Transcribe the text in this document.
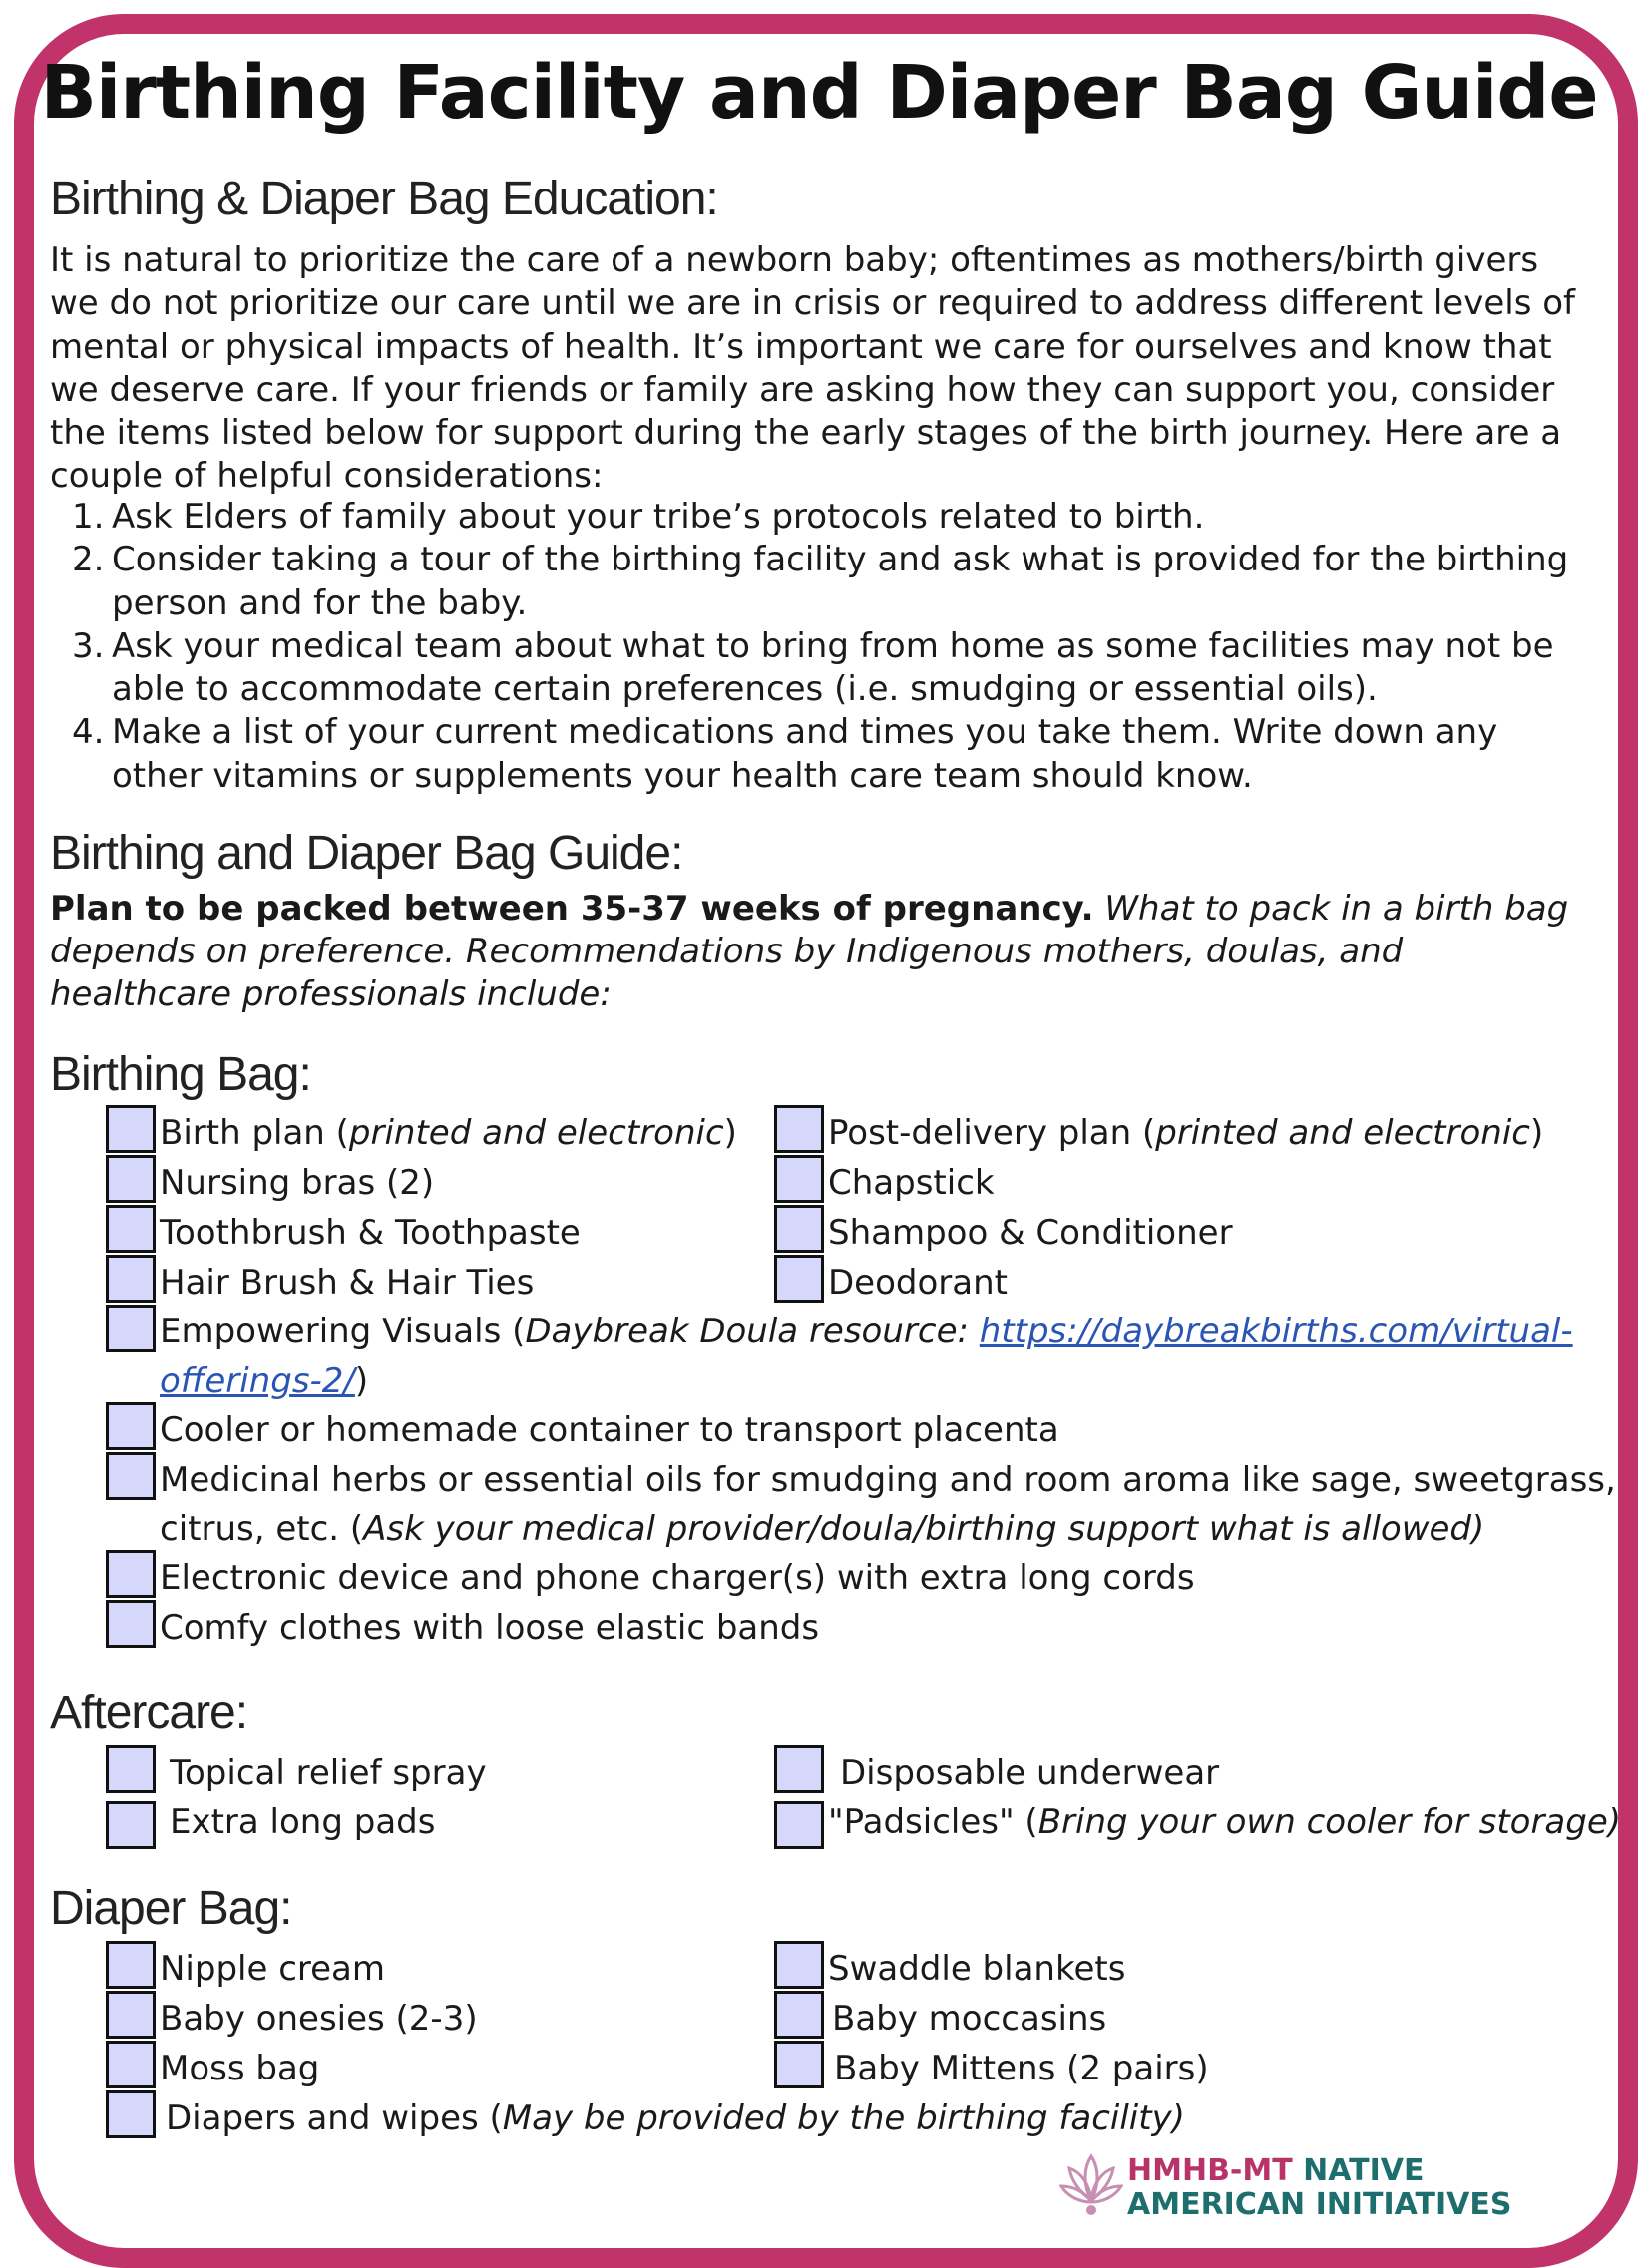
Birthing Facility and Diaper Bag Guide
Birthing & Diaper Bag Education:
It is natural to prioritize the care of a newborn baby; oftentimes as mothers/birth givers we do not prioritize our care until we are in crisis or required to address different levels of mental or physical impacts of health. It’s important we care for ourselves and know that we deserve care. If your friends or family are asking how they can support you, consider the items listed below for support during the early stages of the birth journey. Here are a couple of helpful considerations:
1. Ask Elders of family about your tribe’s protocols related to birth.
2. Consider taking a tour of the birthing facility and ask what is provided for the birthing person and for the baby.
3. Ask your medical team about what to bring from home as some facilities may not be able to accommodate certain preferences (i.e. smudging or essential oils).
4. Make a list of your current medications and times you take them. Write down any other vitamins or supplements your health care team should know.
Birthing and Diaper Bag Guide:
Plan to be packed between 35-37 weeks of pregnancy. What to pack in a birth bag depends on preference. Recommendations by Indigenous mothers, doulas, and healthcare professionals include:
Birthing Bag:
Birth plan (printed and electronic)	Post-delivery plan (printed and electronic)
Nursing bras (2)	Chapstick
Toothbrush & Toothpaste	Shampoo & Conditioner
Hair Brush & Hair Ties	Deodorant
Empowering Visuals (Daybreak Doula resource: https://daybreakbirths.com/virtual-
offerings-2/)
Cooler or homemade container to transport placenta
Medicinal herbs or essential oils for smudging and room aroma like sage, sweetgrass,
citrus, etc. (Ask your medical provider/doula/birthing support what is allowed)
Electronic device and phone charger(s) with extra long cords
Comfy clothes with loose elastic bands
Aftercare:
Topical relief spray	Disposable underwear
Extra long pads	"Padsicles" (Bring your own cooler for storage)
Diaper Bag:
Nipple cream	Swaddle blankets
Baby onesies (2-3)	Baby moccasins
Moss bag	Baby Mittens (2 pairs)
Diapers and wipes (May be provided by the birthing facility)
HMHB-MT NATIVE
AMERICAN INITIATIVES
